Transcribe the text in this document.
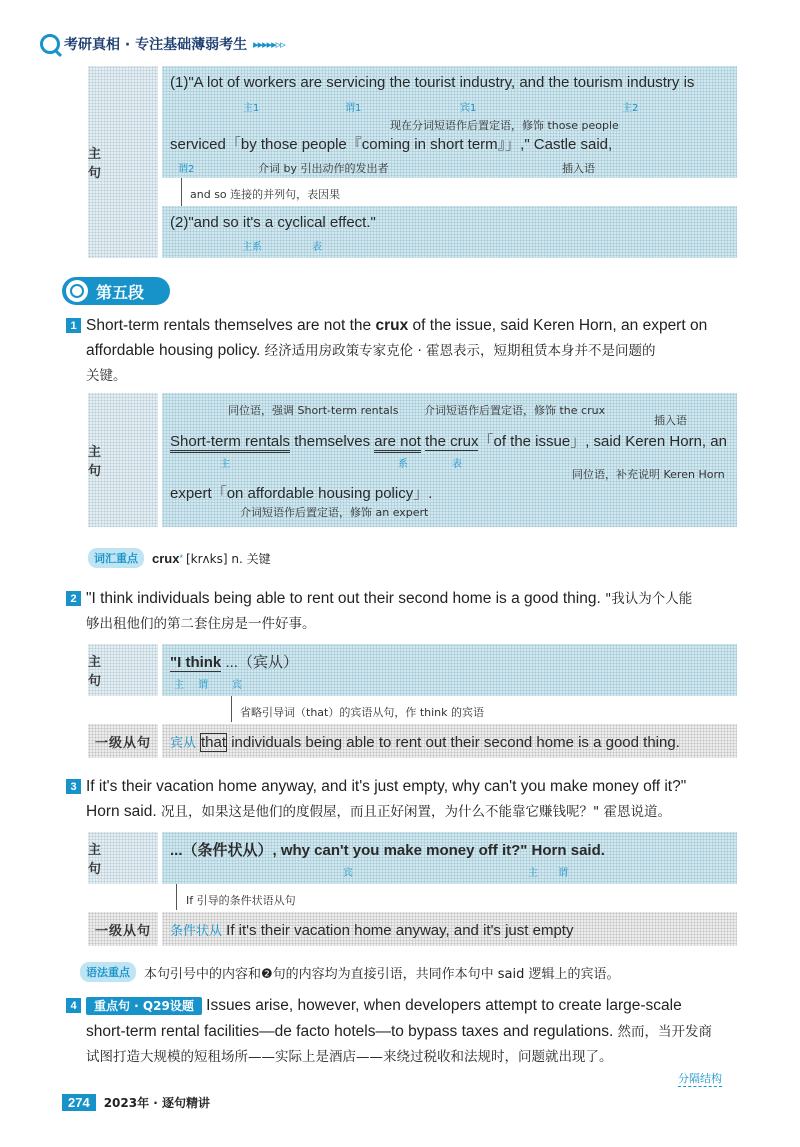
考研真相 · 专注基础薄弱考生 ▸▸▸▸▸▹▹
主 句
(1)"A lot of workers are servicing the tourist industry, and the tourism industry is
主1	谓1	宾1	主2
现在分词短语作后置定语，修饰 those people
serviced「by those people『coming in short term』」," Castle said,
谓2	介词 by 引出动作的发出者	插入语
and so 连接的并列句，表因果
(2)"and so it's a cyclical effect."
主系	表
第五段
1 Short-term rentals themselves are not the crux of the issue, said Keren Horn, an expert on
affordable housing policy. 经济适用房政策专家克伦 · 霍恩表示，短期租赁本身并不是问题的
关键。
主 句
同位语，强调 Short-term rentals 介词短语作后置定语，修饰 the crux
插入语
Short-term rentals themselves are not the crux「of the issue」, said Keren Horn, an
主	系	表
同位语，补充说明 Keren Horn
expert「on affordable housing policy」.
介词短语作后置定语，修饰 an expert
词汇重点	crux * [krʌks] n. 关键
2 "I think individuals being able to rent out their second home is a good thing. "我认为个人能
够出租他们的第二套住房是一件好事。
主 句
"I think ...（宾从）
主 谓 宾
省略引导词（that）的宾语从句，作 think 的宾语
一级从句	宾从 that individuals being able to rent out their second home is a good thing.
3 If it's their vacation home anyway, and it's just empty, why can't you make money off it?"
Horn said. 况且，如果这是他们的度假屋，而且正好闲置，为什么不能靠它赚钱呢？" 霍恩说道。
主 句
...（条件状从）, why can't you make money off it?" Horn said.
宾	主 谓
If 引导的条件状语从句
一级从句	条件状从 If it's their vacation home anyway, and it's just empty
语法重点	本句引号中的内容和❷句的内容均为直接引语，共同作本句中 said 逻辑上的宾语。
4	重点句 · Q29设题 Issues arise, however, when developers attempt to create large-scale
short-term rental facilities—de facto hotels—to bypass taxes and regulations. 然而，当开发商
试图打造大规模的短租场所——实际上是酒店——来绕过税收和法规时，问题就出现了。
分隔结构
274	2023年 · 逐句精讲
